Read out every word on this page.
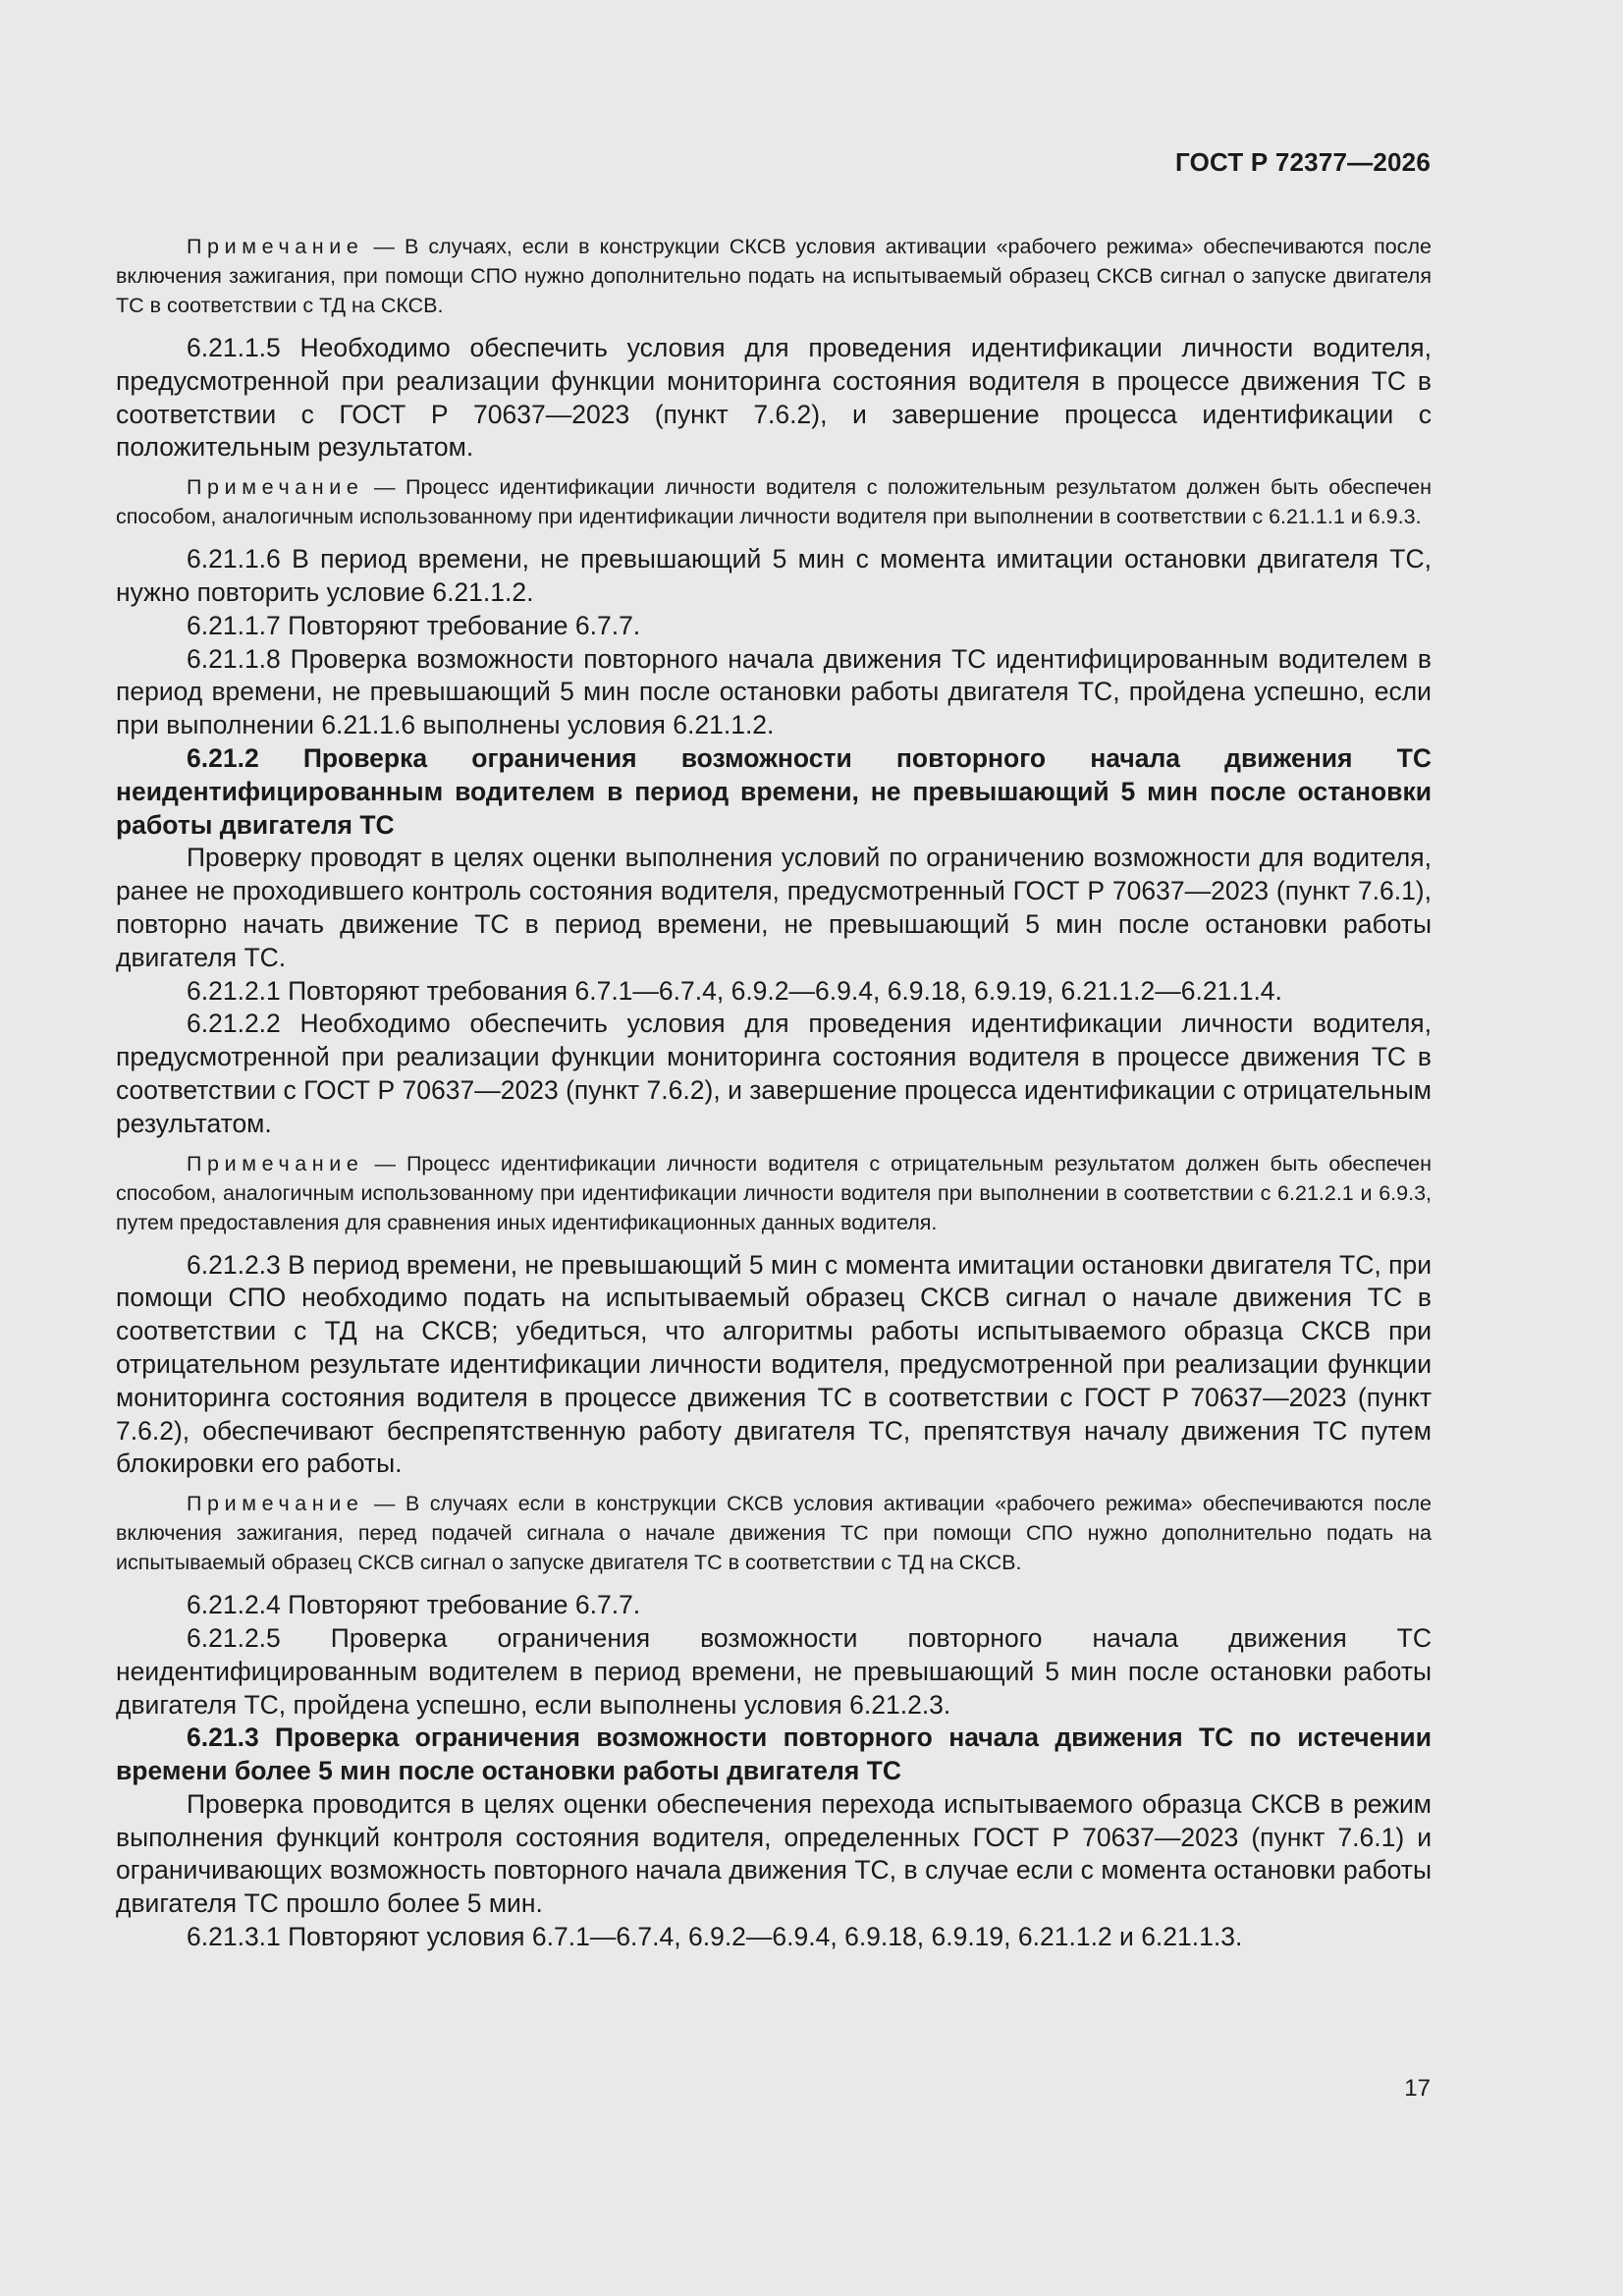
ГОСТ Р 72377—2026

Примечание — В случаях, если в конструкции СКСВ условия активации «рабочего режима» обеспечиваются после включения зажигания, при помощи СПО нужно дополнительно подать на испытываемый образец СКСВ сигнал о запуске двигателя ТС в соответствии с ТД на СКСВ.

6.21.1.5 Необходимо обеспечить условия для проведения идентификации личности водителя, предусмотренной при реализации функции мониторинга состояния водителя в процессе движения ТС в соответствии с ГОСТ Р 70637—2023 (пункт 7.6.2), и завершение процесса идентификации с положительным результатом.

Примечание — Процесс идентификации личности водителя с положительным результатом должен быть обеспечен способом, аналогичным использованному при идентификации личности водителя при выполнении в соответствии с 6.21.1.1 и 6.9.3.

6.21.1.6 В период времени, не превышающий 5 мин с момента имитации остановки двигателя ТС, нужно повторить условие 6.21.1.2.

6.21.1.7 Повторяют требование 6.7.7.

6.21.1.8 Проверка возможности повторного начала движения ТС идентифицированным водителем в период времени, не превышающий 5 мин после остановки работы двигателя ТС, пройдена успешно, если при выполнении 6.21.1.6 выполнены условия 6.21.1.2.

6.21.2 Проверка ограничения возможности повторного начала движения ТС неидентифицированным водителем в период времени, не превышающий 5 мин после остановки работы двигателя ТС

Проверку проводят в целях оценки выполнения условий по ограничению возможности для водителя, ранее не проходившего контроль состояния водителя, предусмотренный ГОСТ Р 70637—2023 (пункт 7.6.1), повторно начать движение ТС в период времени, не превышающий 5 мин после остановки работы двигателя ТС.

6.21.2.1 Повторяют требования 6.7.1—6.7.4, 6.9.2—6.9.4, 6.9.18, 6.9.19, 6.21.1.2—6.21.1.4.

6.21.2.2 Необходимо обеспечить условия для проведения идентификации личности водителя, предусмотренной при реализации функции мониторинга состояния водителя в процессе движения ТС в соответствии с ГОСТ Р 70637—2023 (пункт 7.6.2), и завершение процесса идентификации с отрицательным результатом.

Примечание — Процесс идентификации личности водителя с отрицательным результатом должен быть обеспечен способом, аналогичным использованному при идентификации личности водителя при выполнении в соответствии с 6.21.2.1 и 6.9.3, путем предоставления для сравнения иных идентификационных данных водителя.

6.21.2.3 В период времени, не превышающий 5 мин с момента имитации остановки двигателя ТС, при помощи СПО необходимо подать на испытываемый образец СКСВ сигнал о начале движения ТС в соответствии с ТД на СКСВ; убедиться, что алгоритмы работы испытываемого образца СКСВ при отрицательном результате идентификации личности водителя, предусмотренной при реализации функции мониторинга состояния водителя в процессе движения ТС в соответствии с ГОСТ Р 70637—2023 (пункт 7.6.2), обеспечивают беспрепятственную работу двигателя ТС, препятствуя началу движения ТС путем блокировки его работы.

Примечание — В случаях если в конструкции СКСВ условия активации «рабочего режима» обеспечиваются после включения зажигания, перед подачей сигнала о начале движения ТС при помощи СПО нужно дополнительно подать на испытываемый образец СКСВ сигнал о запуске двигателя ТС в соответствии с ТД на СКСВ.

6.21.2.4 Повторяют требование 6.7.7.

6.21.2.5 Проверка ограничения возможности повторного начала движения ТС неидентифицированным водителем в период времени, не превышающий 5 мин после остановки работы двигателя ТС, пройдена успешно, если выполнены условия 6.21.2.3.

6.21.3 Проверка ограничения возможности повторного начала движения ТС по истечении времени более 5 мин после остановки работы двигателя ТС

Проверка проводится в целях оценки обеспечения перехода испытываемого образца СКСВ в режим выполнения функций контроля состояния водителя, определенных ГОСТ Р 70637—2023 (пункт 7.6.1) и ограничивающих возможность повторного начала движения ТС, в случае если с момента остановки работы двигателя ТС прошло более 5 мин.

6.21.3.1 Повторяют условия 6.7.1—6.7.4, 6.9.2—6.9.4, 6.9.18, 6.9.19, 6.21.1.2 и 6.21.1.3.

17
